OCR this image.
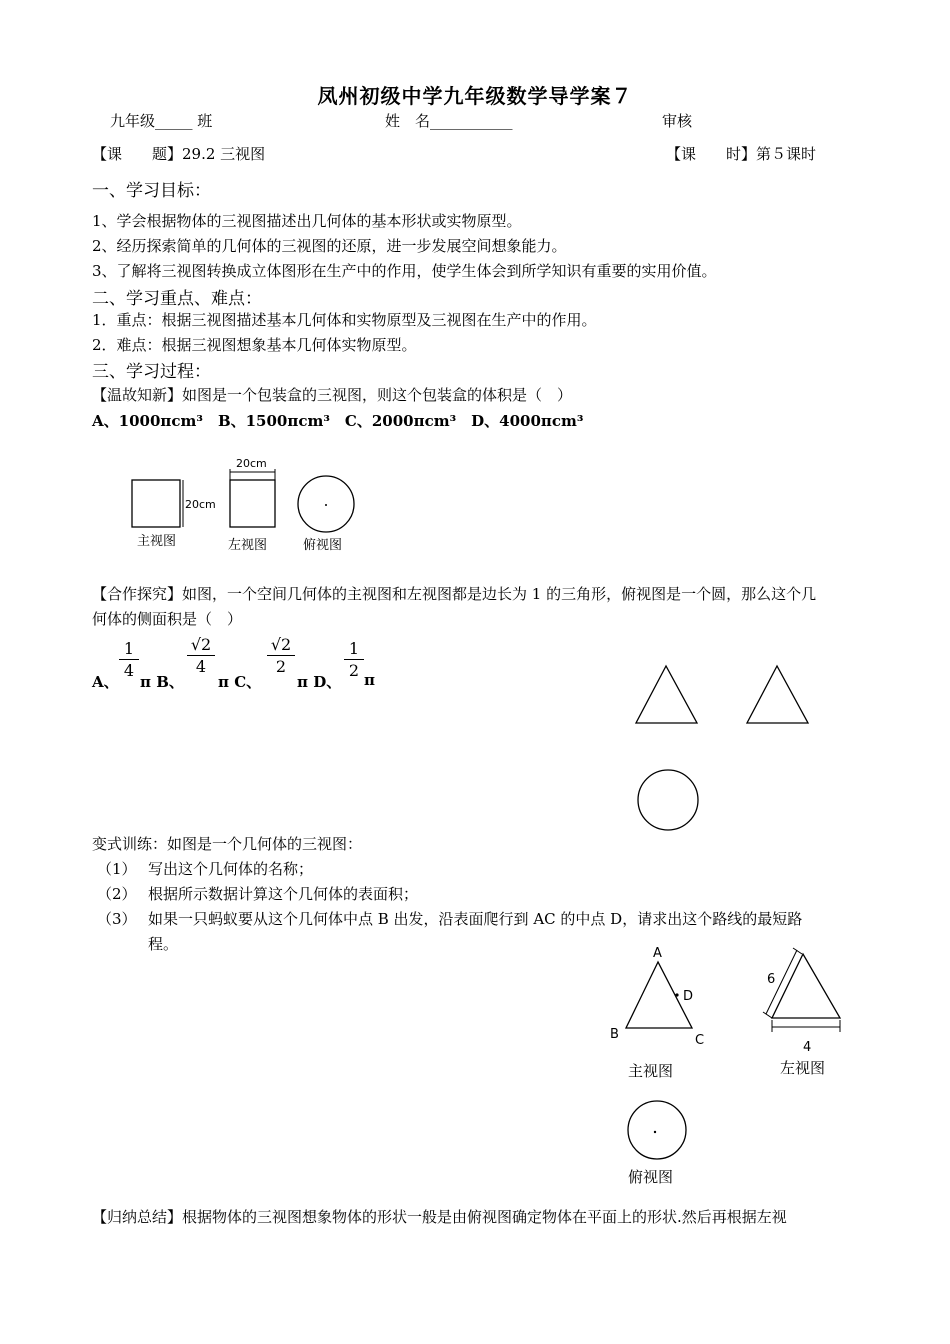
凤州初级中学九年级数学导学案７
九年级_____ 班	姓　名___________	审核
【课　　题】29.2 三视图	【课　　时】第５课时
一、学习目标：
1、学会根据物体的三视图描述出几何体的基本形状或实物原型。
2、经历探索简单的几何体的三视图的还原，进一步发展空间想象能力。
3、了解将三视图转换成立体图形在生产中的作用，使学生体会到所学知识有重要的实用价值。
二、学习重点、难点：
1．重点：根据三视图描述基本几何体和实物原型及三视图在生产中的作用。
2．难点：根据三视图想象基本几何体实物原型。
三、学习过程：
【温故知新】如图是一个包装盒的三视图，则这个包装盒的体积是（　）
A、1000πcm³　B、1500πcm³　C、2000πcm³　D、4000πcm³
20cm
20cm
主视图	左视图	俯视图
【合作探究】如图，一个空间几何体的主视图和左视图都是边长为 1 的三角形，俯视图是一个圆，那么这个几
何体的侧面积是（　）
A、 $\frac{1}{4}$ π B、
$\frac{√2}{4}$
π C、
$\frac{√2}{2}$
π D、 $\frac{1}{2}$ π
变式训练：如图是一个几何体的三视图：
（1） 写出这个几何体的名称；
（2） 根据所示数据计算这个几何体的表面积；
（3） 如果一只蚂蚁要从这个几何体中点 B 出发，沿表面爬行到 AC 的中点 D，请求出这个路线的最短路
程。
A
B	C
D
主视图
6
4
左视图
俯视图
【归纳总结】根据物体的三视图想象物体的形状一般是由俯视图确定物体在平面上的形状.然后再根据左视
